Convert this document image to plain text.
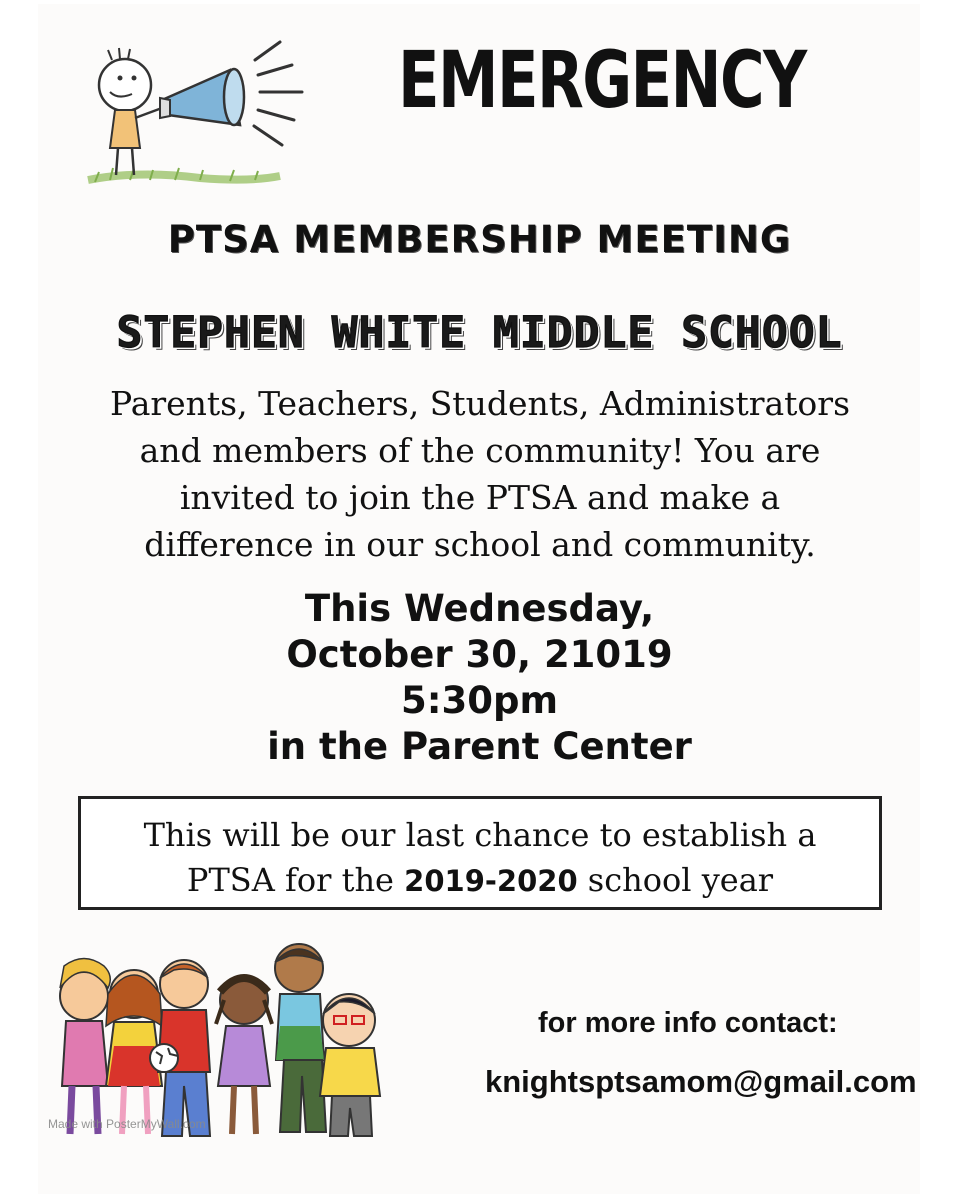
EMERGENCY
PTSA MEMBERSHIP MEETING
STEPHEN WHITE MIDDLE SCHOOL
Parents, Teachers, Students, Administrators
and members of the community! You are
invited to join the PTSA and make a
difference in our school and community.
This Wednesday,
October 30, 21019
5:30pm
in the Parent Center
This will be our last chance to establish a
PTSA for the 2019-2020 school year
Made with PosterMyWall.com
for more info contact:
knightsptsamom@gmail.com
